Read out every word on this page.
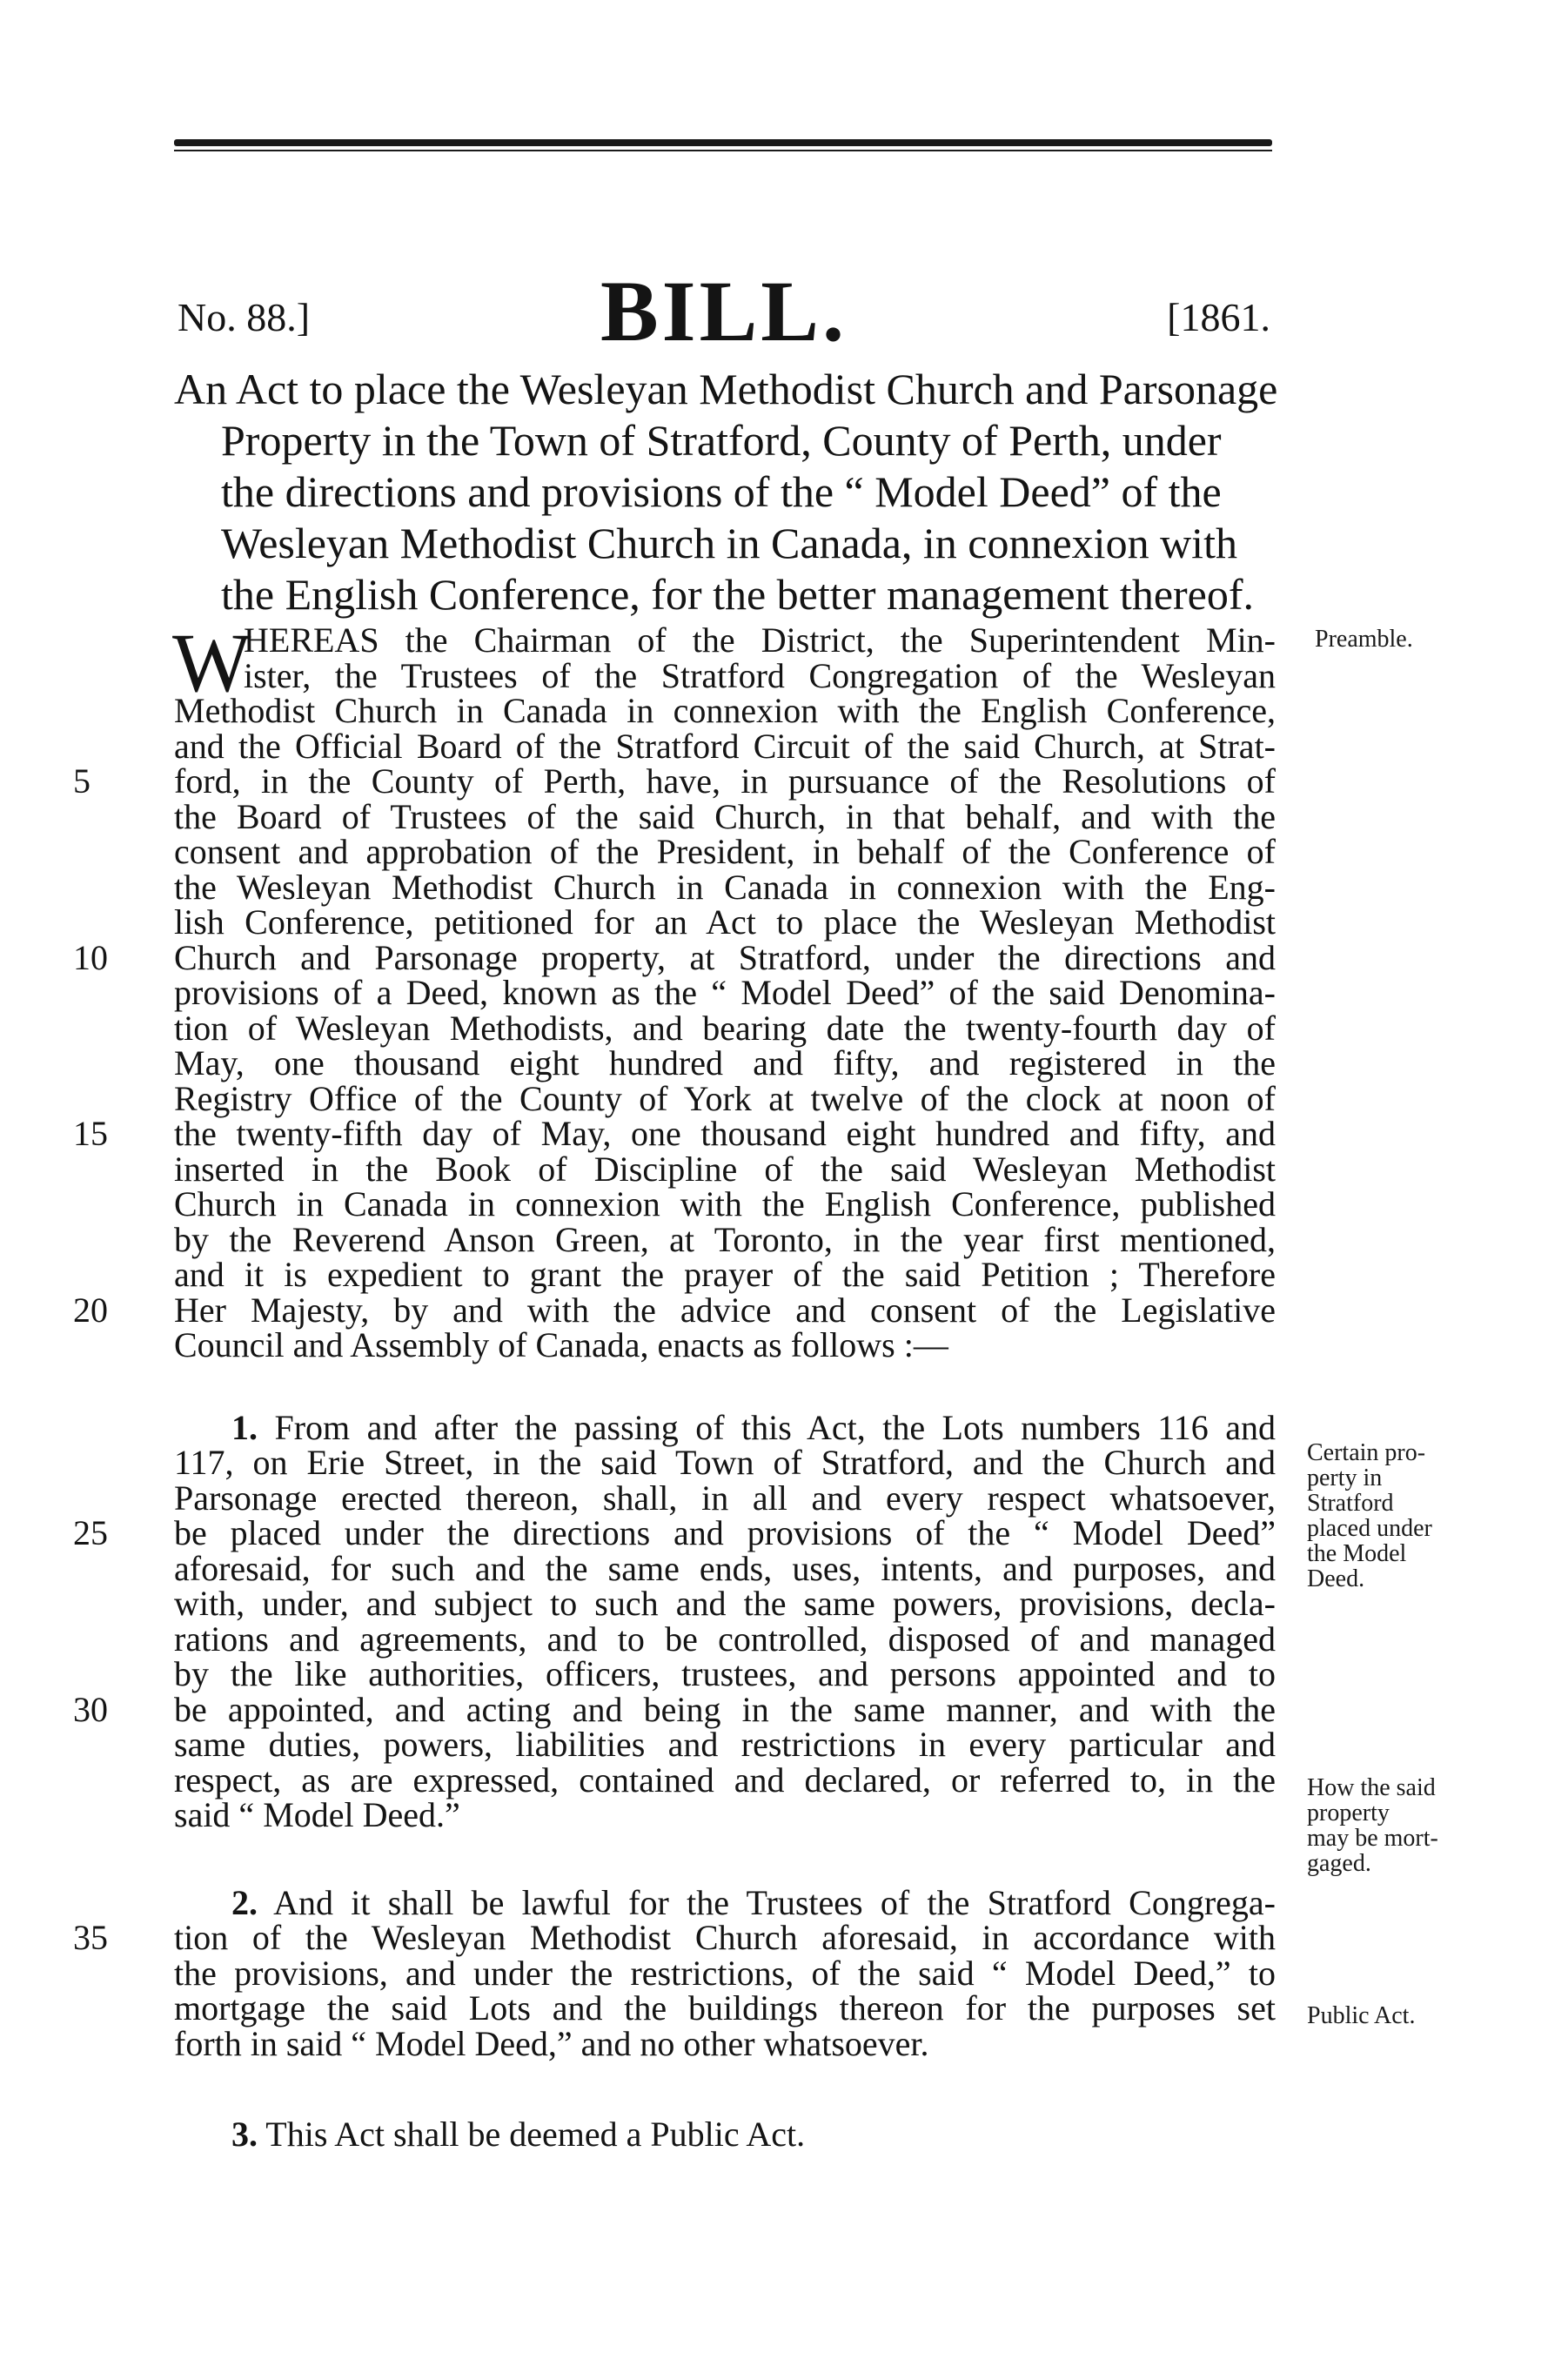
No. 88.]	BILL.	[1861.
An Act to place the Wesleyan Methodist Church and Parsonage
Property in the Town of Stratford, County of Perth, under
the directions and provisions of the “ Model Deed” of the
Wesleyan Methodist Church in Canada, in connexion with
the English Conference, for the better management thereof.
W
HEREAS the Chairman of the District, the Superintendent Min-
ister, the Trustees of the Stratford Congregation of the Wesleyan
Methodist Church in Canada in connexion with the English Conference,
and the Official Board of the Stratford Circuit of the said Church, at Strat-
ford, in the County of Perth, have, in pursuance of the Resolutions of
5
the Board of Trustees of the said Church, in that behalf, and with the
consent and approbation of the President, in behalf of the Conference of
the Wesleyan Methodist Church in Canada in connexion with the Eng-
lish Conference, petitioned for an Act to place the Wesleyan Methodist
Church and Parsonage property, at Stratford, under the directions and
10
provisions of a Deed, known as the “ Model Deed” of the said Denomina-
tion of Wesleyan Methodists, and bearing date the twenty-fourth day of
May, one thousand eight hundred and fifty, and registered in the
Registry Office of the County of York at twelve of the clock at noon of
the twenty-fifth day of May, one thousand eight hundred and fifty, and
15
inserted in the Book of Discipline of the said Wesleyan Methodist
Church in Canada in connexion with the English Conference, published
by the Reverend Anson Green, at Toronto, in the year first mentioned,
and it is expedient to grant the prayer of the said Petition ; Therefore
Her Majesty, by and with the advice and consent of the Legislative
20
Council and Assembly of Canada, enacts as follows :—
1. From and after the passing of this Act, the Lots numbers 116 and
117, on Erie Street, in the said Town of Stratford, and the Church and
Parsonage erected thereon, shall, in all and every respect whatsoever,
be placed under the directions and provisions of the “ Model Deed”
25
aforesaid, for such and the same ends, uses, intents, and purposes, and
with, under, and subject to such and the same powers, provisions, decla-
rations and agreements, and to be controlled, disposed of and managed
by the like authorities, officers, trustees, and persons appointed and to
be appointed, and acting and being in the same manner, and with the
30
same duties, powers, liabilities and restrictions in every particular and
respect, as are expressed, contained and declared, or referred to, in the
said “ Model Deed.”
2. And it shall be lawful for the Trustees of the Stratford Congrega-
tion of the Wesleyan Methodist Church aforesaid, in accordance with
35
the provisions, and under the restrictions, of the said “ Model Deed,” to
mortgage the said Lots and the buildings thereon for the purposes set
forth in said “ Model Deed,” and no other whatsoever.
3. This Act shall be deemed a Public Act.
Preamble.
Certain pro-
perty in
Stratford
placed under
the Model
Deed.
How the said
property
may be mort-
gaged.
Public Act.
